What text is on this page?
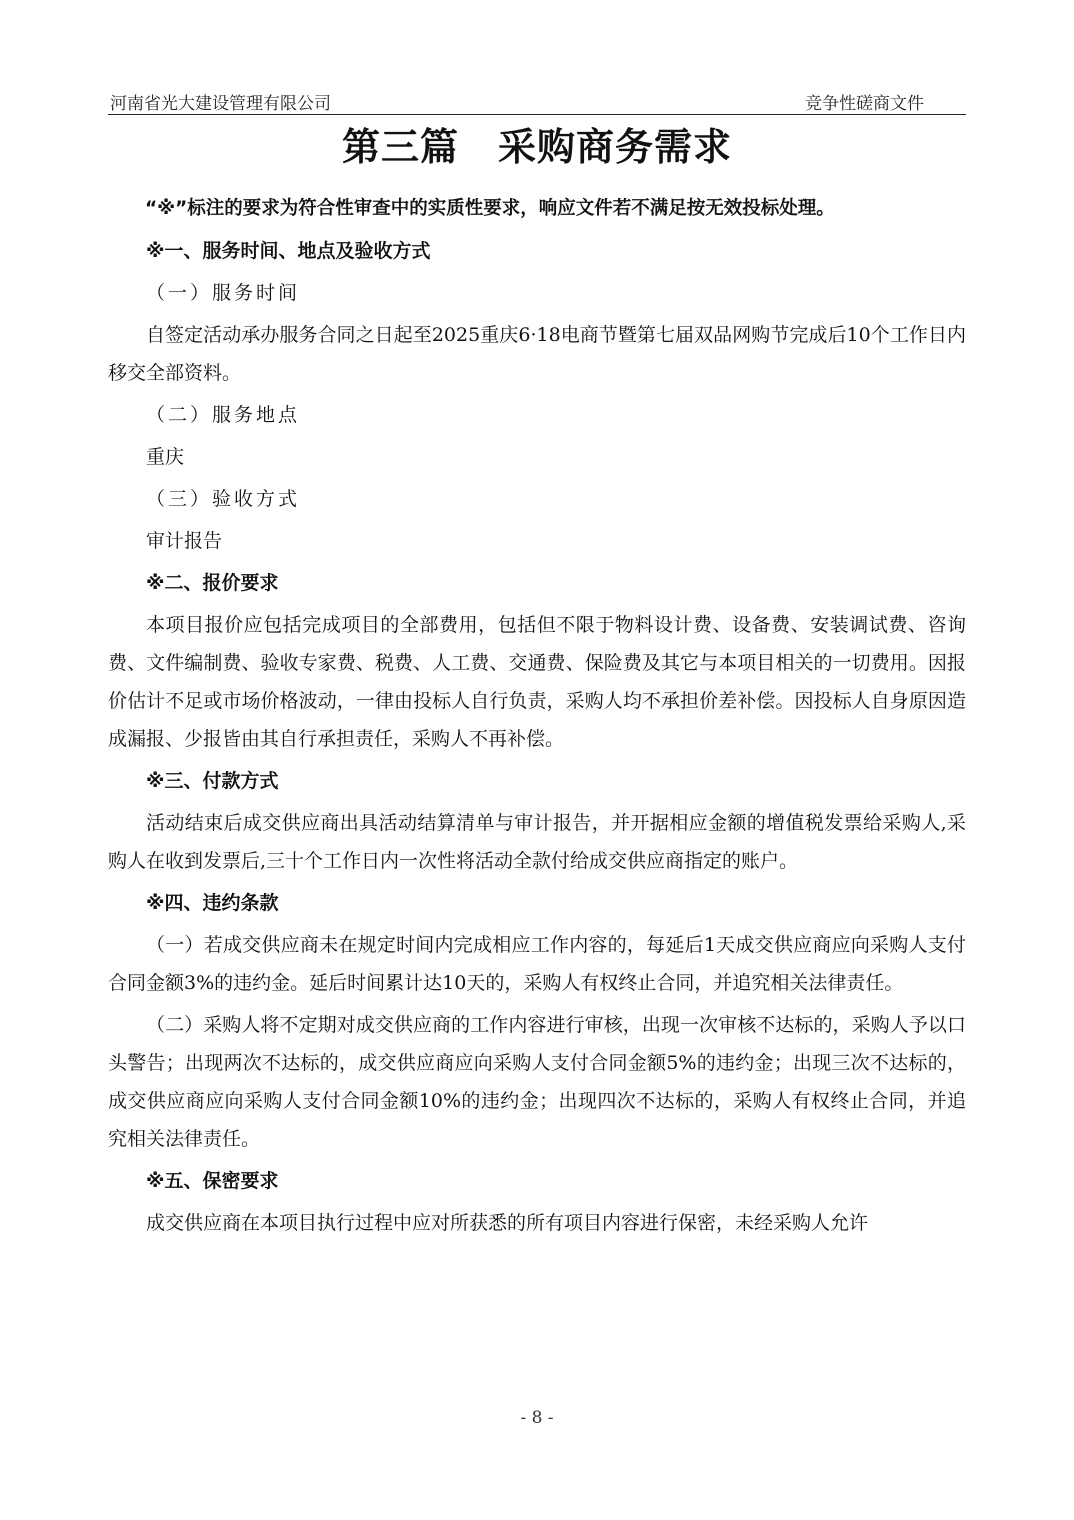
河南省光大建设管理有限公司	竞争性磋商文件
第三篇　采购商务需求
“※”标注的要求为符合性审查中的实质性要求，响应文件若不满足按无效投标处理。
※一、服务时间、地点及验收方式
（一）服务时间

自签定活动承办服务合同之日起至2025重庆6·18电商节暨第七届双品网购节完成后10个工作日内移交全部资料。

（二）服务地点

重庆

（三）验收方式

审计报告

※二、报价要求

本项目报价应包括完成项目的全部费用，包括但不限于物料设计费、设备费、安装调试费、咨询费、文件编制费、验收专家费、税费、人工费、交通费、保险费及其它与本项目相关的一切费用。因报价估计不足或市场价格波动，一律由投标人自行负责，采购人均不承担价差补偿。因投标人自身原因造成漏报、少报皆由其自行承担责任，采购人不再补偿。

※三、付款方式

活动结束后成交供应商出具活动结算清单与审计报告，并开据相应金额的增值税发票给采购人,采购人在收到发票后,三十个工作日内一次性将活动全款付给成交供应商指定的账户。

※四、违约条款

（一）若成交供应商未在规定时间内完成相应工作内容的，每延后1天成交供应商应向采购人支付合同金额3%的违约金。延后时间累计达10天的，采购人有权终止合同，并追究相关法律责任。

（二）采购人将不定期对成交供应商的工作内容进行审核，出现一次审核不达标的，采购人予以口头警告；出现两次不达标的，成交供应商应向采购人支付合同金额5%的违约金；出现三次不达标的，成交供应商应向采购人支付合同金额10%的违约金；出现四次不达标的，采购人有权终止合同，并追究相关法律责任。

※五、保密要求

成交供应商在本项目执行过程中应对所获悉的所有项目内容进行保密，未经采购人允许

- 8 -
